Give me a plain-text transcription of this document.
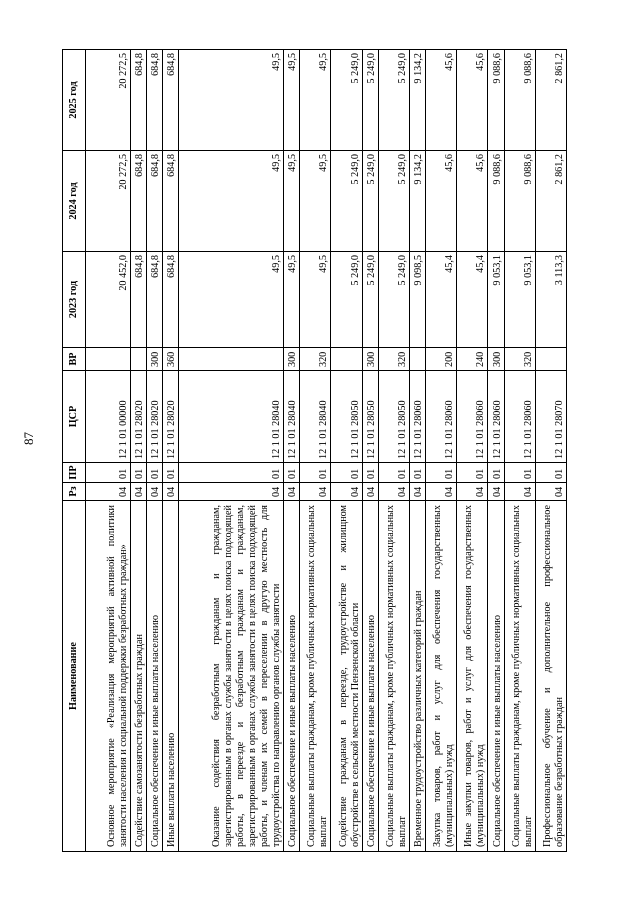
87
Наименование	Рз	ПР	ЦСР	ВР	2023 год	2024 год	2025 год
Основное мероприятие «Реализация мероприятий активной политики занятости населения и социальной поддержки безработных граждан»	04	01	12 1 01 00000		20 452,0	20 272,5	20 272,5
Содействие самозанятости безработных граждан	04	01	12 1 01 28020		684,8	684,8	684,8
Социальное обеспечение и иные выплаты населению	04	01	12 1 01 28020	300	684,8	684,8	684,8
Иные выплаты населению	04	01	12 1 01 28020	360	684,8	684,8	684,8
Оказание содействия безработным гражданам и гражданам, зарегистрированным в органах службы занятости в целях поиска подходящей работы, в переезде и безработным гражданам и гражданам, зарегистрированным в органах службы занятости в целях поиска подходящей работы, и членам их семей в переселении в другую местность для трудоустройства по направлению органов службы занятости	04	01	12 1 01 28040		49,5	49,5	49,5
Социальное обеспечение и иные выплаты населению	04	01	12 1 01 28040	300	49,5	49,5	49,5
Социальные выплаты гражданам, кроме публичных нормативных социальных выплат	04	01	12 1 01 28040	320	49,5	49,5	49,5
Содействие гражданам в переезде, трудоустройстве и жилищном обустройстве в сельской местности Пензенской области	04	01	12 1 01 28050		5 249,0	5 249,0	5 249,0
Социальное обеспечение и иные выплаты населению	04	01	12 1 01 28050	300	5 249,0	5 249,0	5 249,0
Социальные выплаты гражданам, кроме публичных нормативных социальных выплат	04	01	12 1 01 28050	320	5 249,0	5 249,0	5 249,0
Временное трудоустройство различных категорий граждан	04	01	12 1 01 28060		9 098,5	9 134,2	9 134,2
Закупка товаров, работ и услуг для обеспечения государственных (муниципальных) нужд	04	01	12 1 01 28060	200	45,4	45,6	45,6
Иные закупки товаров, работ и услуг для обеспечения государственных (муниципальных) нужд	04	01	12 1 01 28060	240	45,4	45,6	45,6
Социальное обеспечение и иные выплаты населению	04	01	12 1 01 28060	300	9 053,1	9 088,6	9 088,6
Социальные выплаты гражданам, кроме публичных нормативных социальных выплат	04	01	12 1 01 28060	320	9 053,1	9 088,6	9 088,6
Профессиональное обучение и дополнительное профессиональное образование безработных граждан	04	01	12 1 01 28070		3 113,3	2 861,2	2 861,2
